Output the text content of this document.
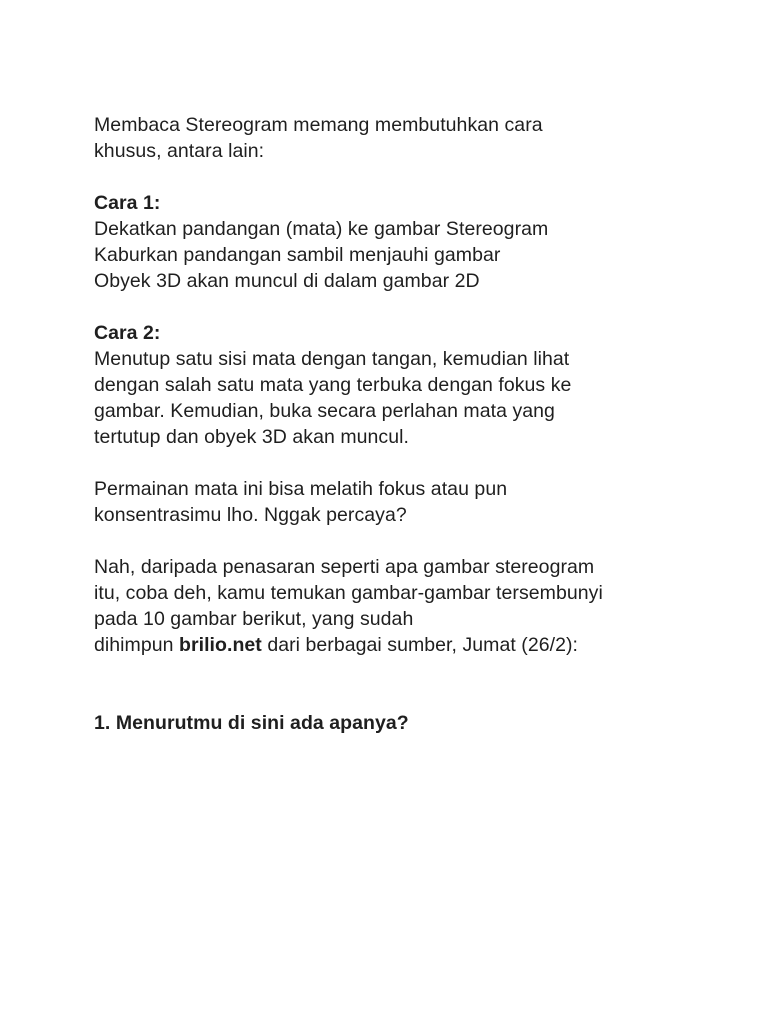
Membaca Stereogram memang membutuhkan cara
khusus, antara lain:
Cara 1:
Dekatkan pandangan (mata) ke gambar Stereogram
Kaburkan pandangan sambil menjauhi gambar
Obyek 3D akan muncul di dalam gambar 2D
Cara 2:
Menutup satu sisi mata dengan tangan, kemudian lihat
dengan salah satu mata yang terbuka dengan fokus ke
gambar. Kemudian, buka secara perlahan mata yang
tertutup dan obyek 3D akan muncul.
Permainan mata ini bisa melatih fokus atau pun
konsentrasimu lho. Nggak percaya?
Nah, daripada penasaran seperti apa gambar stereogram
itu, coba deh, kamu temukan gambar-gambar tersembunyi
pada 10 gambar berikut, yang sudah
dihimpun brilio.net dari berbagai sumber, Jumat (26/2):
1. Menurutmu di sini ada apanya?
